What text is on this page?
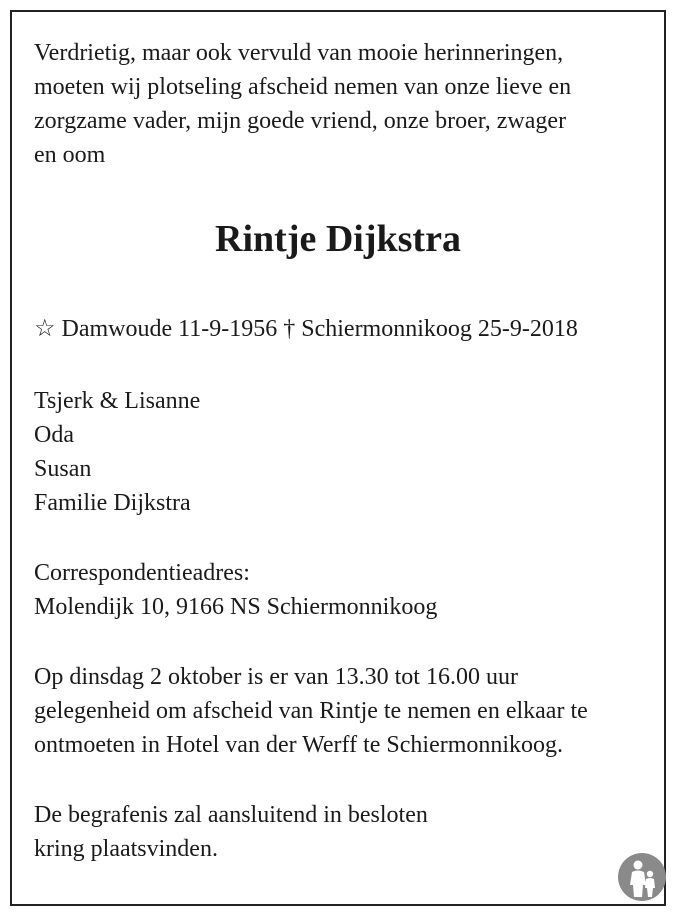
Verdrietig, maar ook vervuld van mooie herinneringen,
moeten wij plotseling afscheid nemen van onze lieve en
zorgzame vader, mijn goede vriend, onze broer, zwager
en oom
Rintje Dijkstra
☆ Damwoude 11-9-1956 † Schiermonnikoog 25-9-2018
Tsjerk & Lisanne
Oda
Susan
Familie Dijkstra
Correspondentieadres:
Molendijk 10, 9166 NS Schiermonnikoog
Op dinsdag 2 oktober is er van 13.30 tot 16.00 uur
gelegenheid om afscheid van Rintje te nemen en elkaar te
ontmoeten in Hotel van der Werff te Schiermonnikoog.
De begrafenis zal aansluitend in besloten
kring plaatsvinden.
